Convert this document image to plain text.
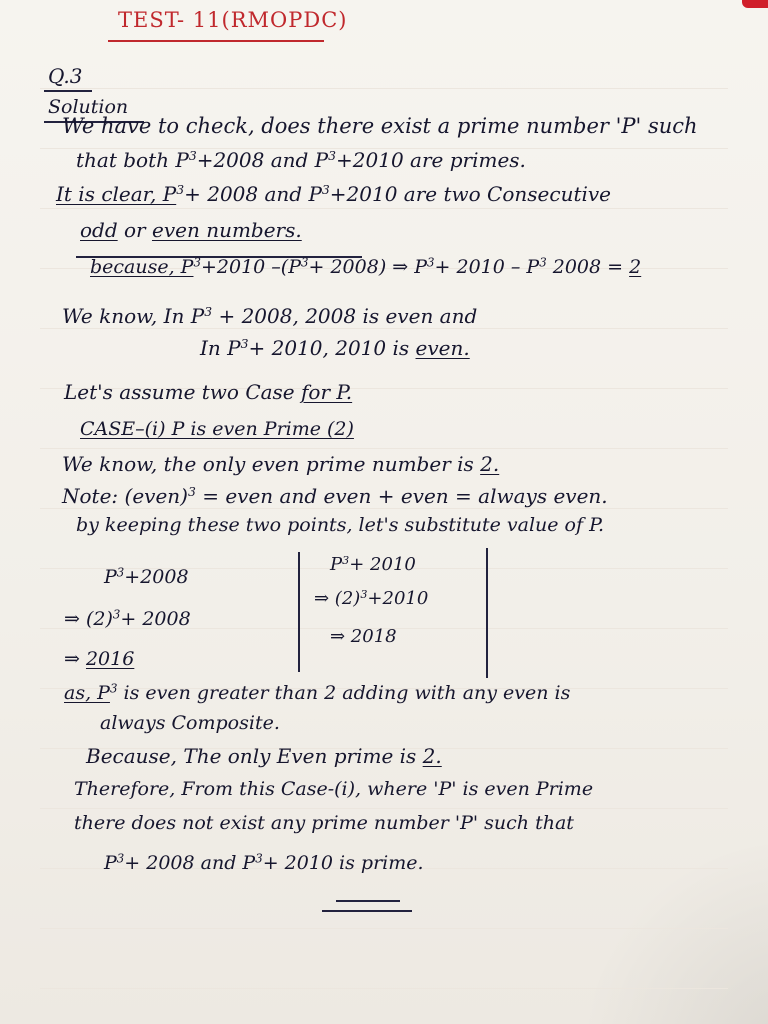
TEST- 11(RMOPDC)
Q.3
Solution
We have to check, does there exist a prime number 'P' such
that both $P^3+2008$ and $P^3+2010$ are primes.
It is clear, $P^3+ 2008$ and $P^3+2010$ are two Consecutive
odd or even numbers.
because, $P^3+2010$ $-(P^3+ 2008)$ ⇒ $P^3+ 2010 - P^3$ 2008 = 2
We know, In $P^3 + 2008$, 2008 is even and
In $P^3+ 2010$, 2010 is even.
Let's assume two Case for P.
CASE–(i) P is even Prime (2)
We know, the only even prime number is 2.
Note: (even)$^3$ = even and even + even = always even.
by keeping these two points, let's substitute value of P.
$P^3+2008$
⇒ $(2)^3+ 2008$
⇒ 2016
$P^3+ 2010$
⇒ $(2)^3+2010$
⇒ 2018
as, $P^3$ is even greater than 2 adding with any even is
always Composite.
Because, The only Even prime is 2.
Therefore, From this Case-(i), where 'P' is even Prime
there does not exist any prime number 'P' such that
$P^3+ 2008$ and $P^3+ 2010$ is prime.
